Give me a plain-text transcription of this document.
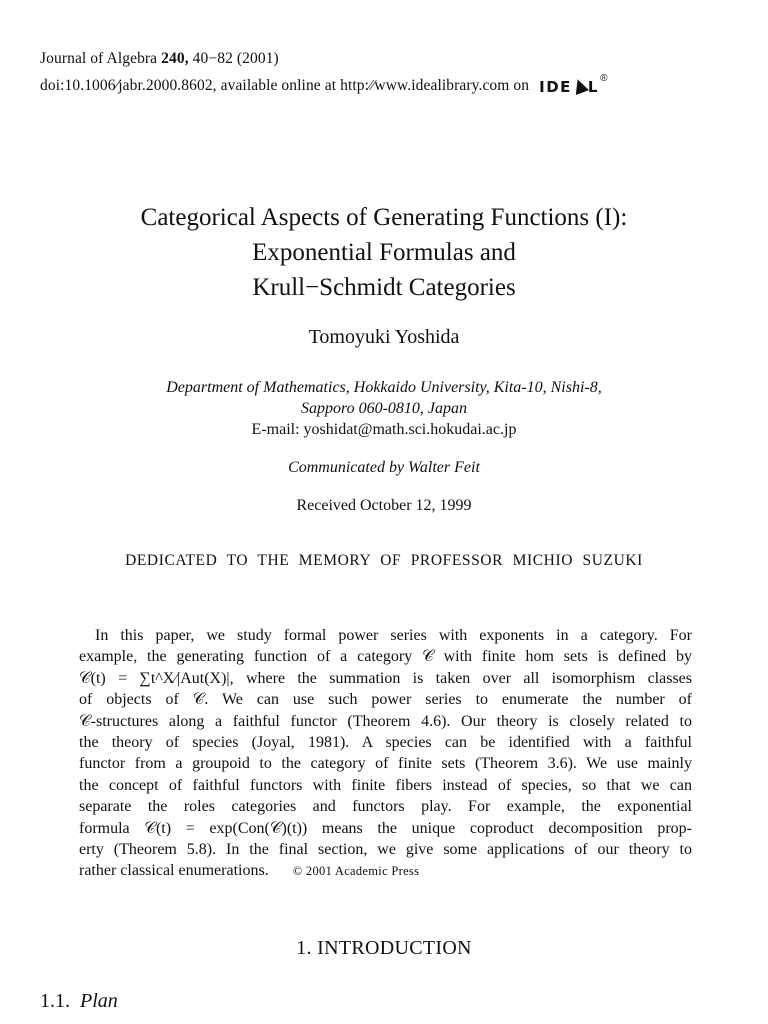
Journal of Algebra 240, 40−82 (2001)
doi:10.1006∕jabr.2000.8602, available online at http:∕∕www.idealibrary.com on IDE L ®
Categorical Aspects of Generating Functions (I):
Exponential Formulas and
Krull−Schmidt Categories
Tomoyuki Yoshida
Department of Mathematics, Hokkaido University, Kita-10, Nishi-8,
Sapporo 060-0810, Japan
E-mail: yoshidat@math.sci.hokudai.ac.jp
Communicated by Walter Feit
Received October 12, 1999
DEDICATED TO THE MEMORY OF PROFESSOR MICHIO SUZUKI
In this paper, we study formal power series with exponents in a category. For
example, the generating function of a category 𝒞 with finite hom sets is defined by
𝒞(t) = ∑t^X∕|Aut(X)|, where the summation is taken over all isomorphism classes
of objects of 𝒞. We can use such power series to enumerate the number of
𝒞-structures along a faithful functor (Theorem 4.6). Our theory is closely related to
the theory of species (Joyal, 1981). A species can be identified with a faithful
functor from a groupoid to the category of finite sets (Theorem 3.6). We use mainly
the concept of faithful functors with finite fibers instead of species, so that we can
separate the roles categories and functors play. For example, the exponential
formula 𝒞(t) = exp(Con(𝒞)(t)) means the unique coproduct decomposition prop-
erty (Theorem 5.8). In the final section, we give some applications of our theory to
rather classical enumerations. © 2001 Academic Press
1. INTRODUCTION
1.1. Plan
